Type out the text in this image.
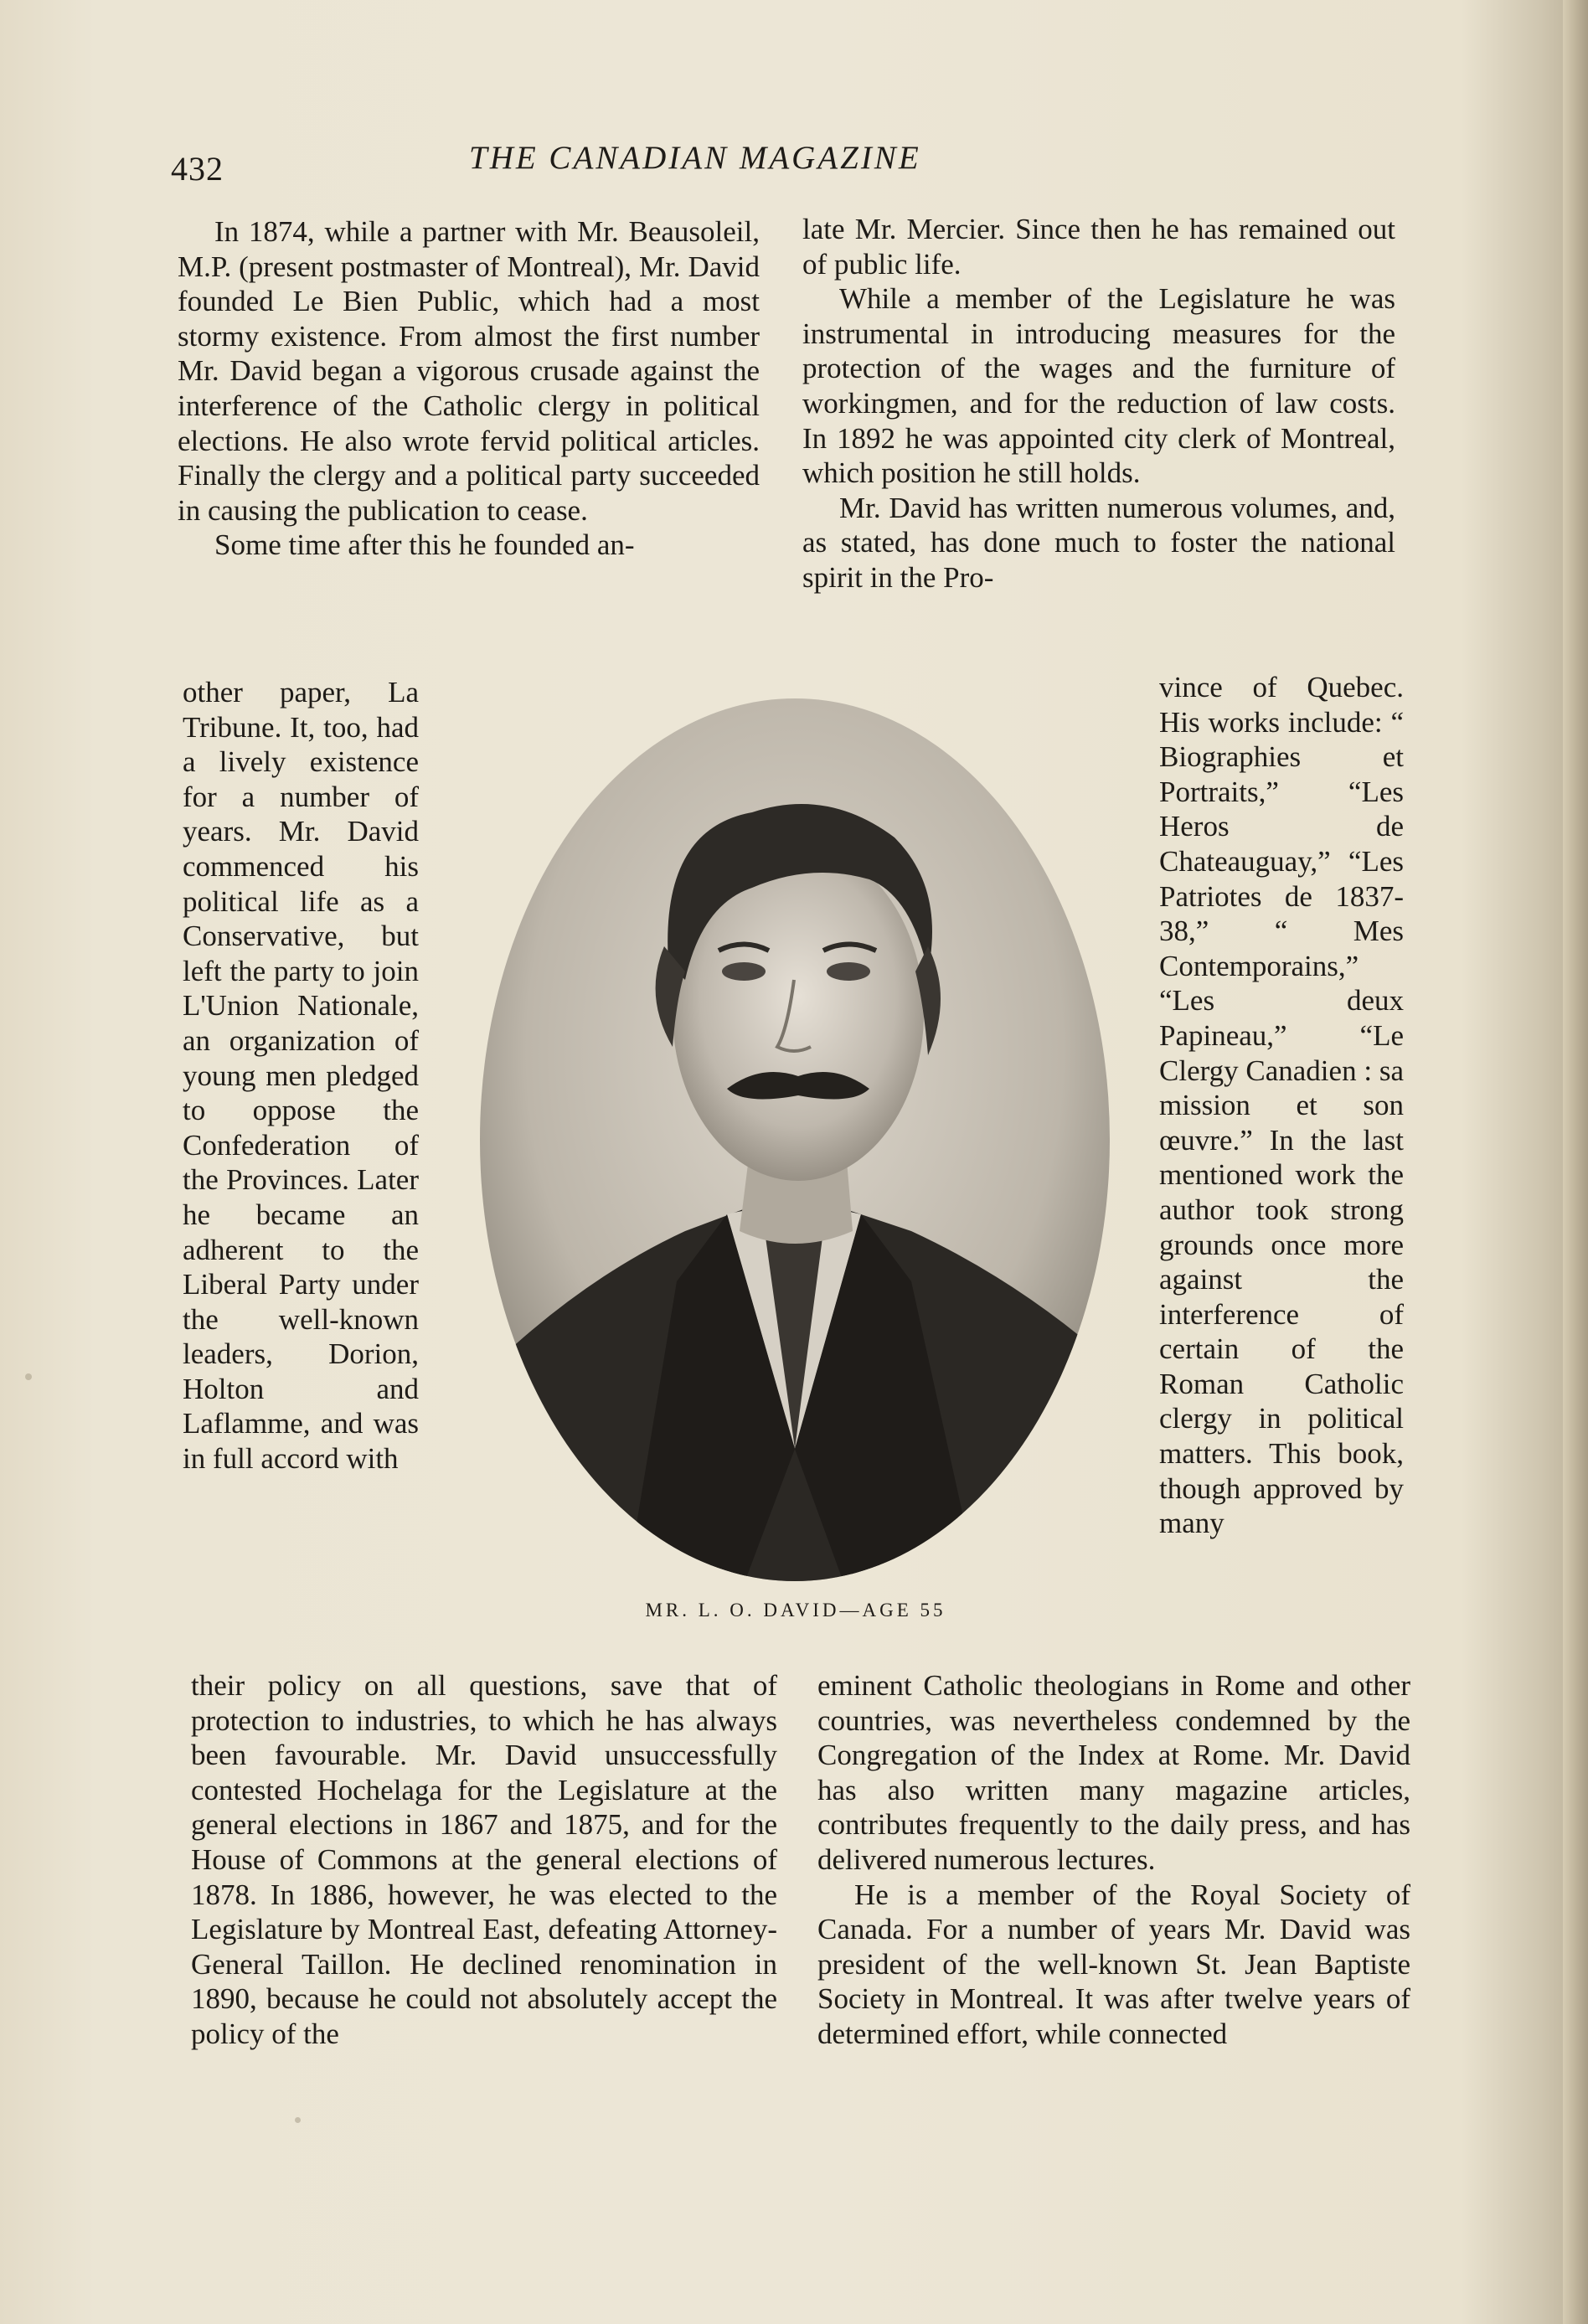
432	THE CANADIAN MAGAZINE

In 1874, while a partner with Mr. Beausoleil, M.P. (present postmaster of Montreal), Mr. David founded Le Bien Public, which had a most stormy existence. From almost the first number Mr. David began a vigorous crusade against the interference of the Catholic clergy in political elections. He also wrote fervid political articles. Finally the clergy and a political party succeeded in causing the publication to cease.

Some time after this he founded an-

other paper, La Tribune. It, too, had a lively existence for a number of years. Mr. David commenced his political life as a Conservative, but left the party to join L'Union Nationale, an organization of young men pledged to oppose the Confederation of the Provinces. Later he became an adherent to the Liberal Party under the well-known leaders, Dorion, Holton and Laflamme, and was in full accord with

their policy on all questions, save that of protection to industries, to which he has always been favourable. Mr. David unsuccessfully contested Hochelaga for the Legislature at the general elections in 1867 and 1875, and for the House of Commons at the general elections of 1878. In 1886, however, he was elected to the Legislature by Montreal East, defeating Attorney-General Taillon. He declined renomination in 1890, because he could not absolutely accept the policy of the

late Mr. Mercier. Since then he has remained out of public life.

While a member of the Legislature he was instrumental in introducing measures for the protection of the wages and the furniture of workingmen, and for the reduction of law costs. In 1892 he was appointed city clerk of Montreal, which position he still holds.

Mr. David has written numerous volumes, and, as stated, has done much to foster the national spirit in the Pro-

vince of Quebec. His works include: “ Biographies et Portraits,” “Les Heros de Chateauguay,” “Les Patriotes de 1837-38,” “ Mes Contemporains,” “Les deux Papineau,” “Le Clergy Canadien : sa mission et son œuvre.” In the last mentioned work the author took strong grounds once more against the interference of certain of the Roman Catholic clergy in political matters. This book, though approved by many

eminent Catholic theologians in Rome and other countries, was nevertheless condemned by the Congregation of the Index at Rome. Mr. David has also written many magazine articles, contributes frequently to the daily press, and has delivered numerous lectures.

He is a member of the Royal Society of Canada. For a number of years Mr. David was president of the well-known St. Jean Baptiste Society in Montreal. It was after twelve years of determined effort, while connected

MR. L. O. DAVID—AGE 55
